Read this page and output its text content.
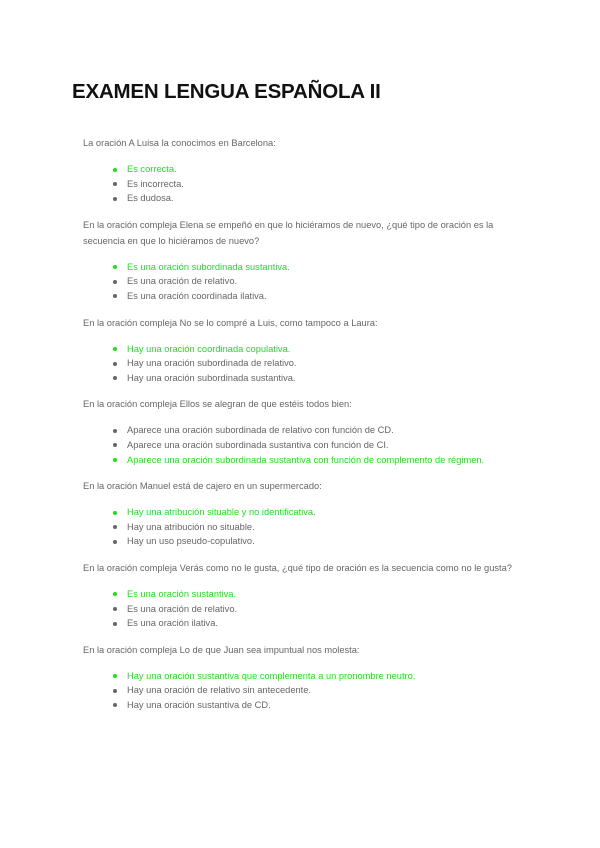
EXAMEN LENGUA ESPAÑOLA II

La oración A Luisa la conocimos en Barcelona:

Es correcta.
Es incorrecta.
Es dudosa.

En la oración compleja Elena se empeñó en que lo hiciéramos de nuevo, ¿qué tipo de oración es la secuencia en que lo hiciéramos de nuevo?

Es una oración subordinada sustantiva.
Es una oración de relativo.
Es una oración coordinada ilativa.

En la oración compleja No se lo compré a Luis, como tampoco a Laura:

Hay una oración coordinada copulativa.
Hay una oración subordinada de relativo.
Hay una oración subordinada sustantiva.

En la oración compleja Ellos se alegran de que estéis todos bien:

Aparece una oración subordinada de relativo con función de CD.
Aparece una oración subordinada sustantiva con función de CI.
Aparece una oración subordinada sustantiva con función de complemento de régimen.

En la oración Manuel está de cajero en un supermercado:

Hay una atribución situable y no identificativa.
Hay una atribución no situable.
Hay un uso pseudo-copulativo.

En la oración compleja Verás como no le gusta, ¿qué tipo de oración es la secuencia como no le gusta?

Es una oración sustantiva.
Es una oración de relativo.
Es una oración ilativa.

En la oración compleja Lo de que Juan sea impuntual nos molesta:

Hay una oración sustantiva que complementa a un pronombre neutro.
Hay una oración de relativo sin antecedente.
Hay una oración sustantiva de CD.
